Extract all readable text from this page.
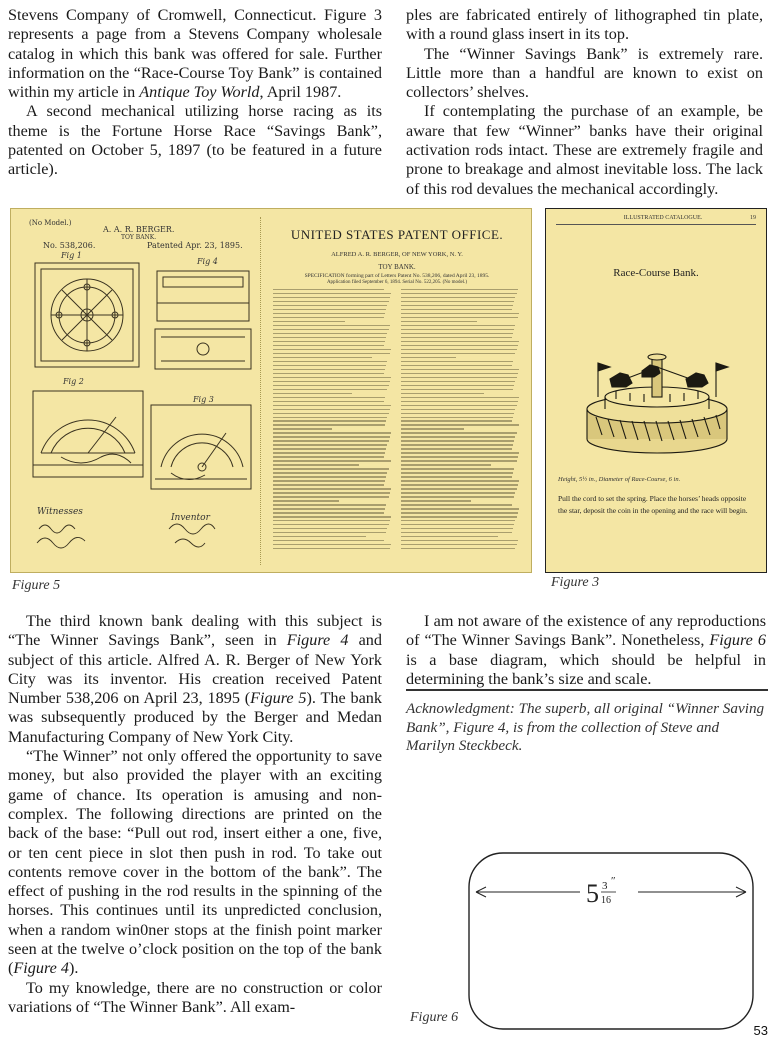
Stevens Company of Cromwell, Connecticut. Figure 3 represents a page from a Stevens Company wholesale catalog in which this bank was offered for sale. Further information on the “Race-Course Toy Bank” is contained within my article in Antique Toy World, April 1987.

A second mechanical utilizing horse racing as its theme is the Fortune Horse Race “Savings Bank”, patented on October 5, 1897 (to be featured in a future article).

ples are fabricated entirely of lithographed tin plate, with a round glass insert in its top.

The “Winner Savings Bank” is extremely rare. Little more than a handful are known to exist on collectors’ shelves.

If contemplating the purchase of an example, be aware that few “Winner” banks have their original activation rods intact. These are extremely fragile and prone to breakage and almost inevitable loss. The lack of this rod devalues the mechanical accordingly.

(No Model.)
A. A. R. BERGER.
TOY BANK.
No. 538,206.	Patented Apr. 23, 1895.
Fig 1
Fig 4
Fig 2
Fig 3
Witnesses
Inventor
UNITED STATES PATENT OFFICE.
ALFRED A. R. BERGER, OF NEW YORK, N. Y.
TOY BANK.
SPECIFICATION forming part of Letters Patent No. 538,206, dated April 23, 1895.
Application filed September 6, 1894. Serial No. 522,205. (No model.)
Figure 5
ILLUSTRATED CATALOGUE.	19
Race-Course Bank.
Height, 5½ in., Diameter of Race-Course, 6 in.
Pull the cord to set the spring. Place the horses’ heads opposite the star, deposit the coin in the opening and the race will begin.
Figure 3

The third known bank dealing with this subject is “The Winner Savings Bank”, seen in Figure 4 and subject of this article. Alfred A. R. Berger of New York City was its inventor. His creation received Patent Number 538,206 on April 23, 1895 (Figure 5). The bank was subsequently produced by the Berger and Medan Manufacturing Company of New York City.

“The Winner” not only offered the opportunity to save money, but also provided the player with an exciting game of chance. Its operation is amusing and non-complex. The following directions are printed on the back of the base: “Pull out rod, insert either a one, five, or ten cent piece in slot then push in rod. To take out contents remove cover in the bottom of the bank”. The effect of pushing in the rod results in the spinning of the horses. This continues until its unpredicted conclusion, when a random win0ner stops at the finish point marker seen at the twelve o’clock position on the top of the bank (Figure 4).

To my knowledge, there are no construction or color variations of “The Winner Bank”. All exam-

I am not aware of the existence of any reproductions of “The Winner Savings Bank”. Nonetheless, Figure 6 is a base diagram, which should be helpful in determining the bank’s size and scale.

Acknowledgment: The superb, all original “Winner Saving Bank”, Figure 4, is from the collection of Steve and Marilyn Steckbeck.
5 3
16
″
Figure 6
53
